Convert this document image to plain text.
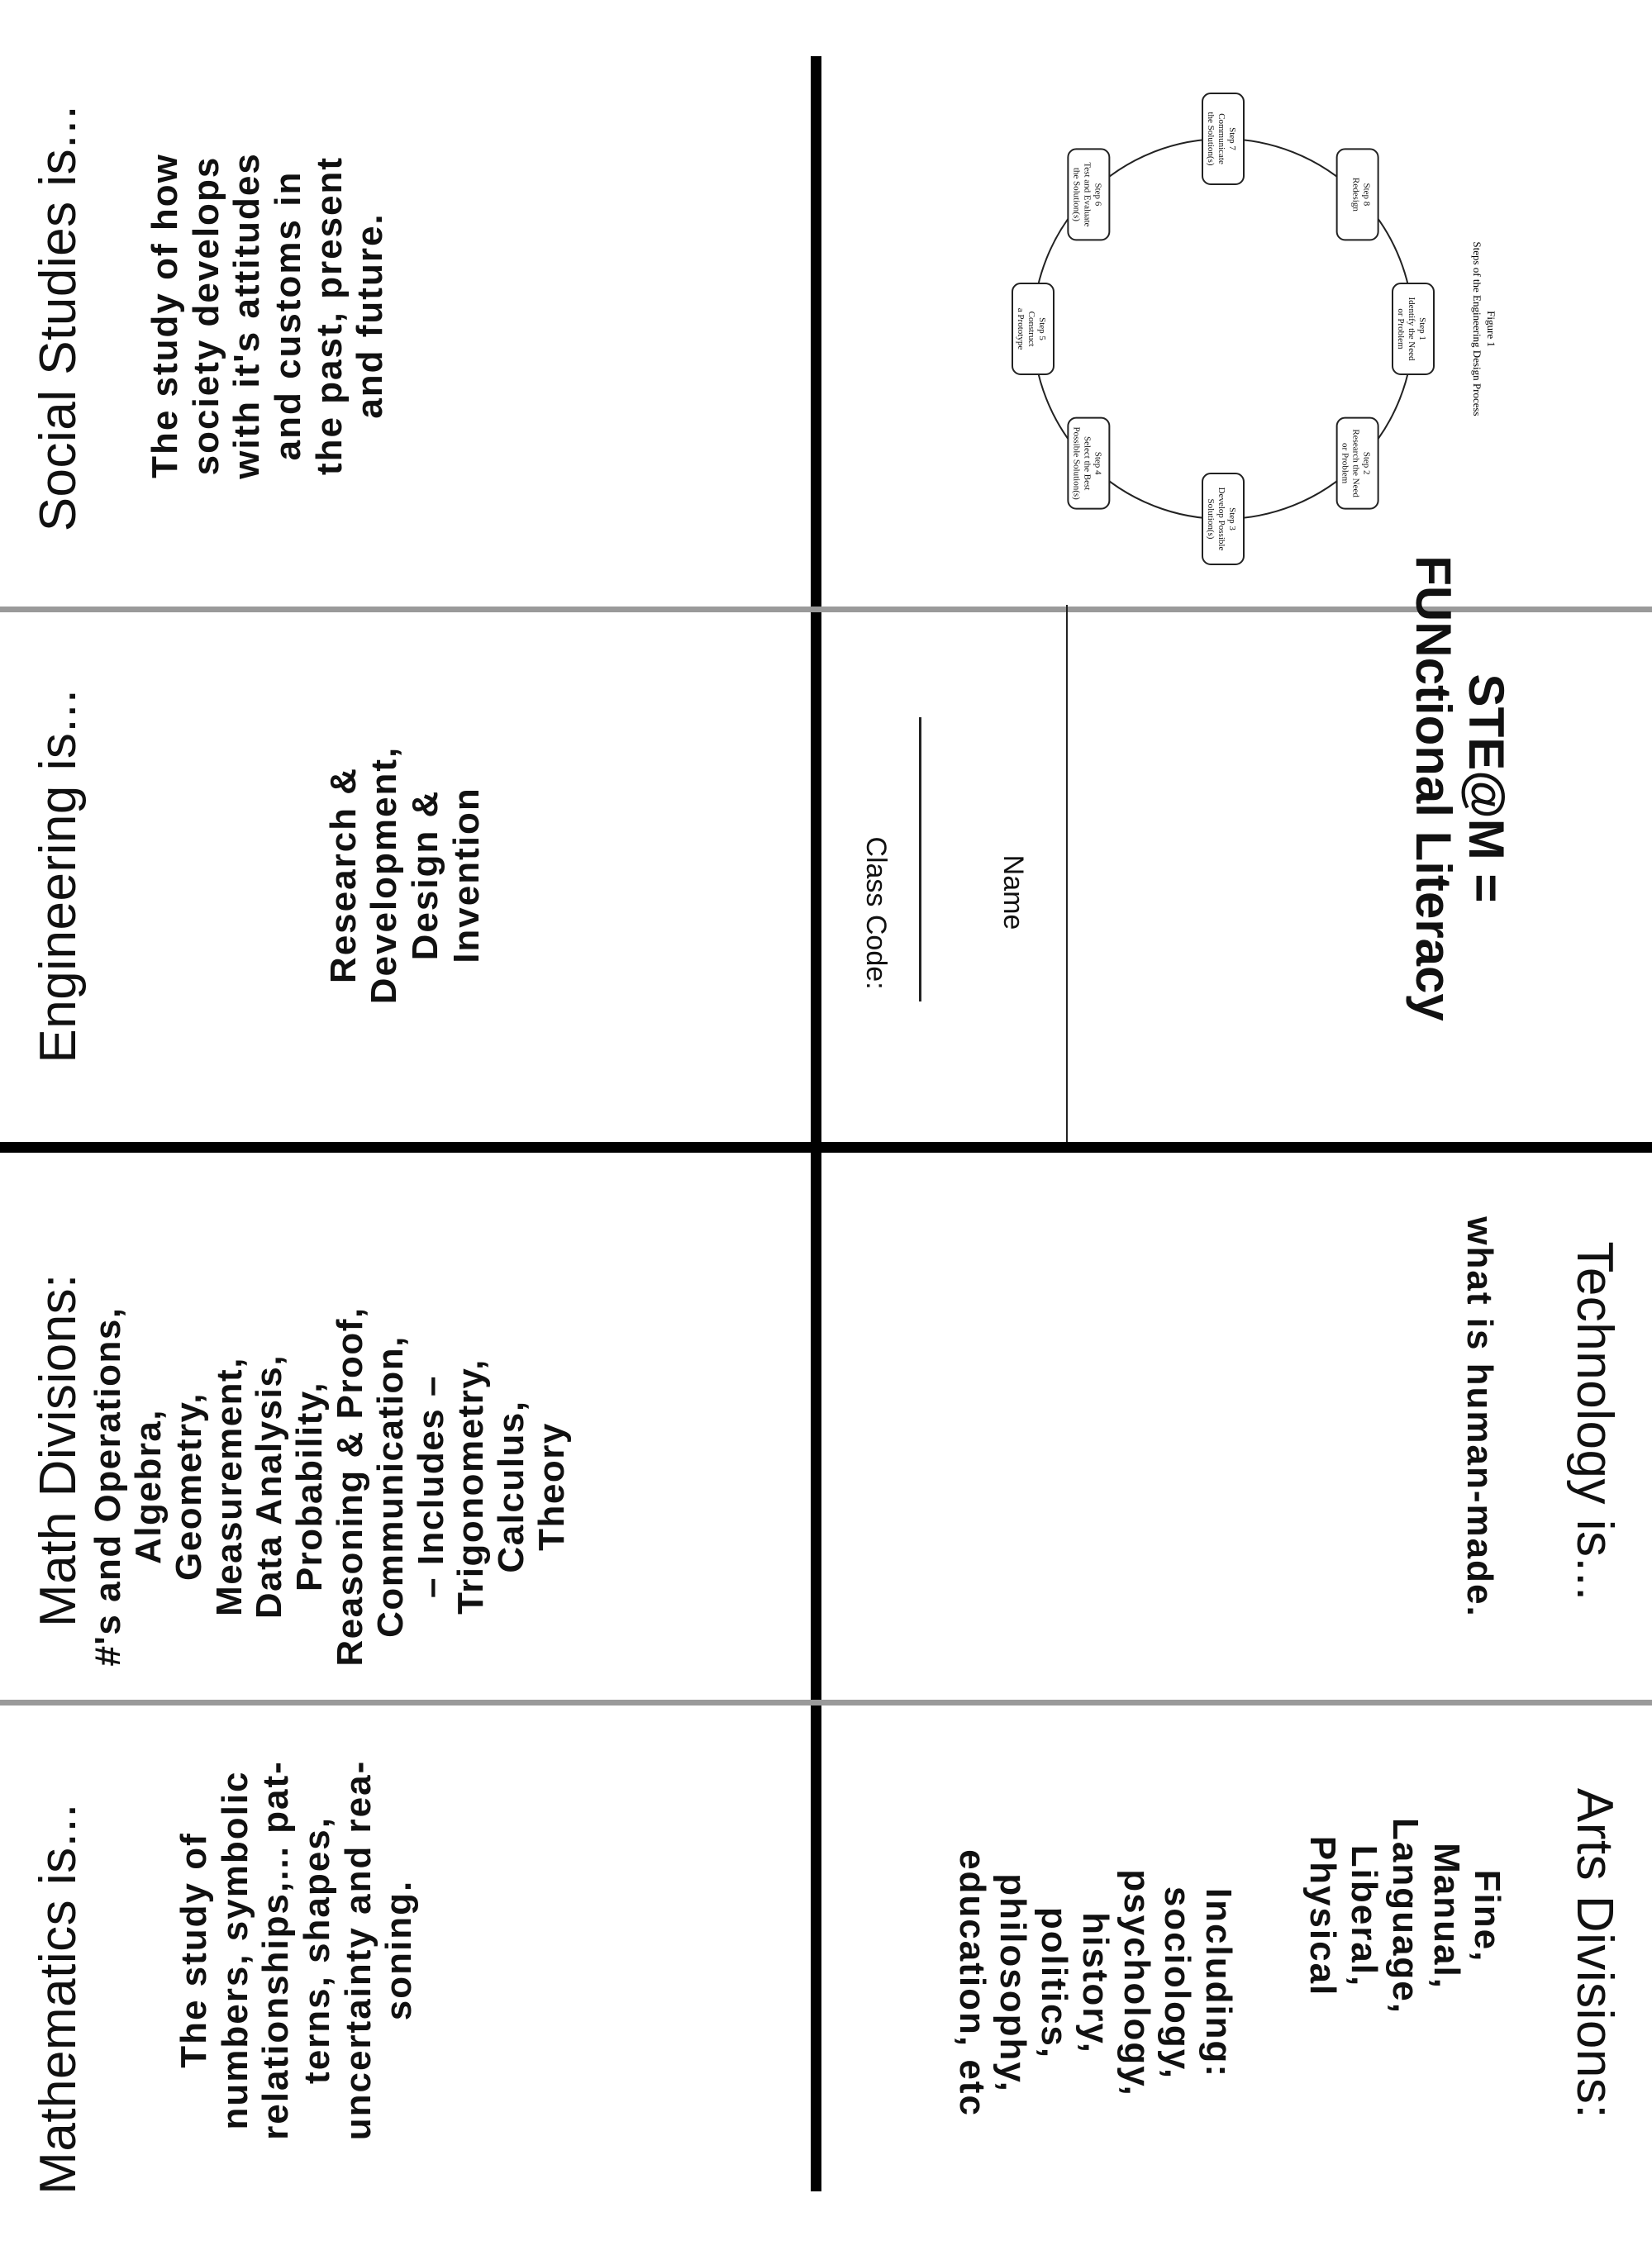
Social Studies is...	The study of how
society develops
with it's attitudes
and customs in
the past, present
and future.
Engineering is...	Research &
Development,
Design &
Invention
Math Divisions:
#'s and Operations,
Algebra,
Geometry,
Measurement,
Data Analysis,
Probability,
Reasoning & Proof,
Communication,
– Includes –
Trigonometry,
Calculus,
Theory
Mathematics is...	The study of
numbers, symbolic
relationships,... pat-
terns, shapes,
uncertainty and rea-
soning.
Figure 1
Steps of the Engineering Design Process
Step 1
Identify the Need
or Problem
Step 2
Research the Need
or Problem
Step 3
Develop Possible
Solution(s)
Step 4
Select the Best
Possible Solution(s)
Step 5
Construct
a Prototype
Step 6
Test and Evaluate
the Solution(s)
Step 7
Communicate
the Solution(s)
Step 8
Redesign
STE@M =
FUNctional Literacy
Name
Class Code:
Technology is...
what is human-made.
Arts Divisions:
Fine,
Manual,
Language,
Liberal,
Physical
Including:
sociology,
psychology,
history,
politics,
philosophy,
education, etc
